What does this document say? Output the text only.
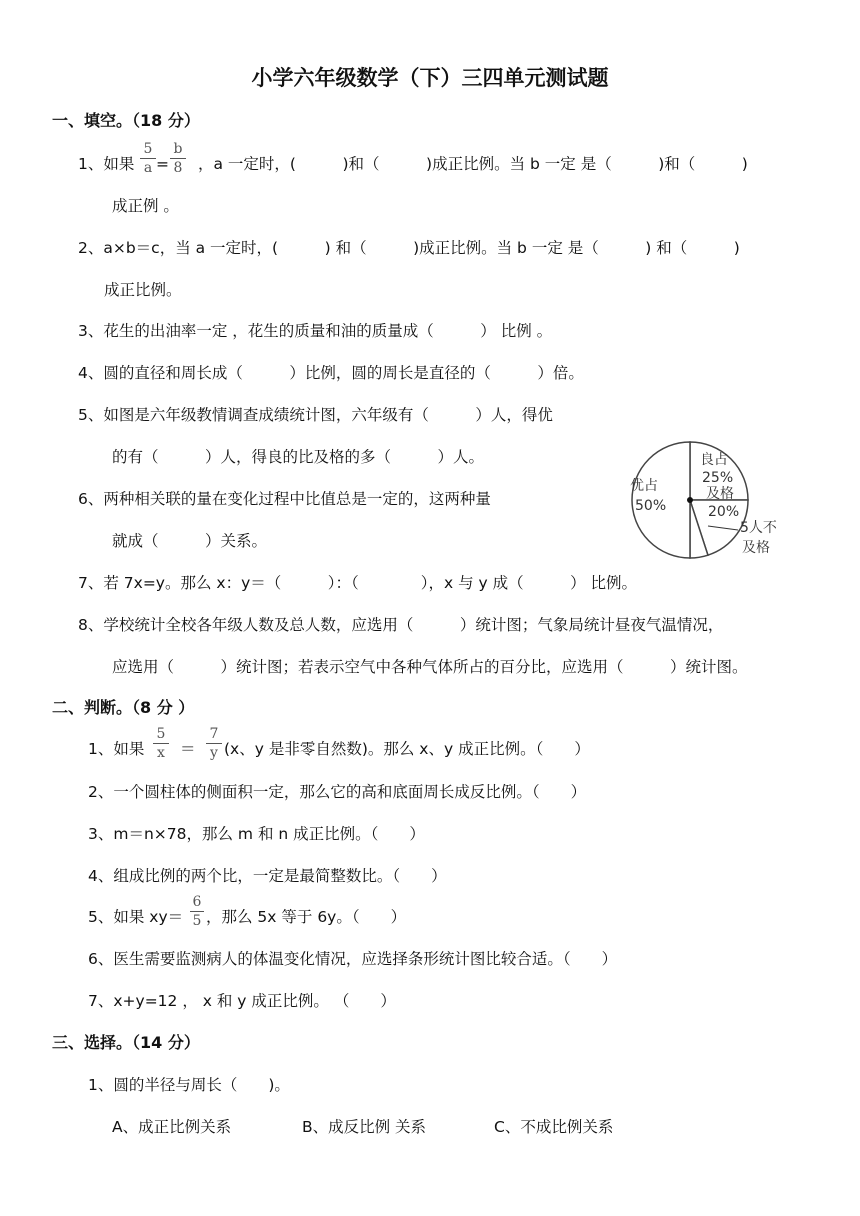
小学六年级数学（下）三四单元测试题
一、填空。（18 分）
1、如果
5
a =
b
8 ，a 一定时，(　　　)和（　　　)成正比例。当 b 一定 是（　　　)和（　　　)
成正例 。
2、a×b＝c，当 a 一定时，(　　　) 和（　　　)成正比例。当 b 一定 是（　　　) 和（　　　)
成正比例。
3、花生的出油率一定 ，花生的质量和油的质量成（　　　） 比例 。
4、圆的直径和周长成（　　　）比例，圆的周长是直径的（　　　）倍。
5、如图是六年级教情调查成绩统计图，六年级有（　　　）人，得优
的有（　　　）人，得良的比及格的多（　　　）人。
6、两种相关联的量在变化过程中比值总是一定的，这两种量
就成（　　　）关系。
7、若 7x=y。那么 x：y＝（　　　）：（　　　　），x 与 y 成（　　　） 比例。
8、学校统计全校各年级人数及总人数，应选用（　　　）统计图；气象局统计昼夜气温情况，
应选用（　　　）统计图；若表示空气中各种气体所占的百分比，应选用（　　　）统计图。
优占
50%
良占
25%
及格
20%
5人不
及格
二、判断。（8 分 ）
1、如果
5
x ＝
7
y (x、y 是非零自然数)。那么 x、y 成正比例。（　　）
2、一个圆柱体的侧面积一定，那么它的高和底面周长成反比例。（　　）
3、m＝n×78，那么 m 和 n 成正比例。（　　）
4、组成比例的两个比，一定是最简整数比。（　　）
5、如果 xy＝
6
5 ，那么 5x 等于 6y。（　　）
6、医生需要监测病人的体温变化情况，应选择条形统计图比较合适。（　　）
7、x+y=12 ， x 和 y 成正比例。 （　　）
三、选择。（14 分）
1、圆的半径与周长（　　)。
A、成正比例关系	B、成反比例 关系	C、不成比例关系
